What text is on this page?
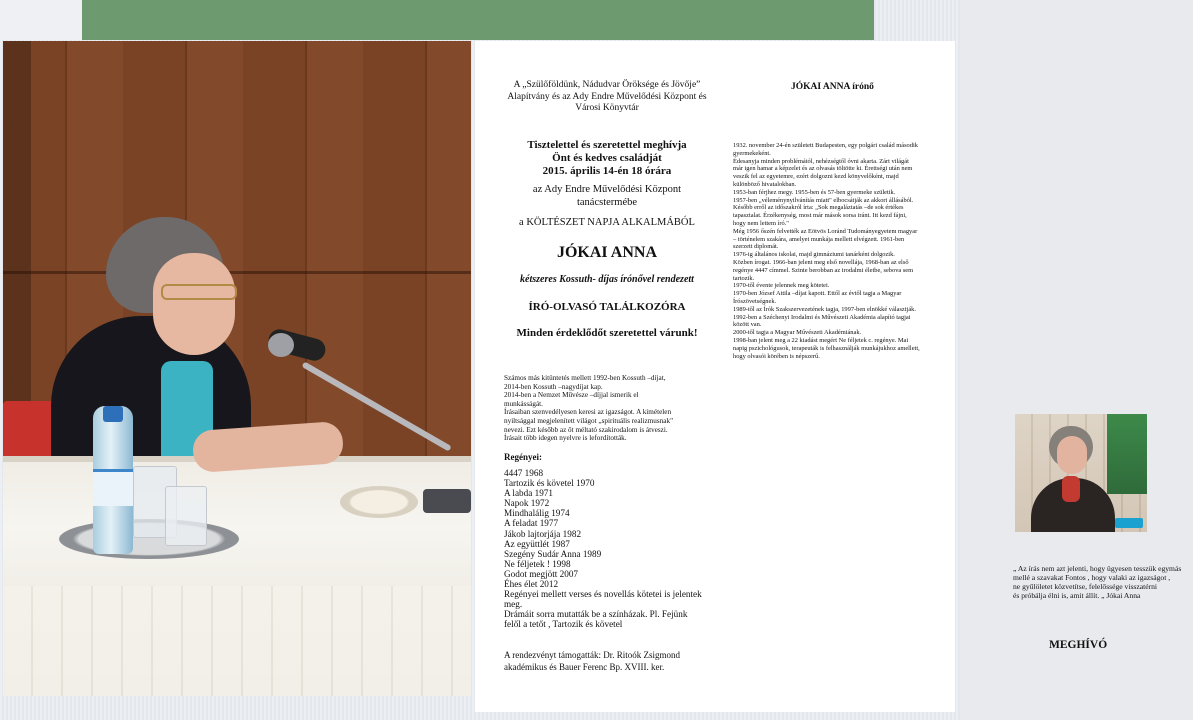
A „Szülőföldünk, Nádudvar Öröksége és Jövője”
Alapítvány és az Ady Endre Művelődési Központ és
Városi Könyvtár
Tisztelettel és szeretettel meghívja
Önt és kedves családját
2015. április 14-én 18 órára
az Ady Endre Művelődési Központ
tanácstermébe
a KÖLTÉSZET NAPJA ALKALMÁBÓL
JÓKAI ANNA
kétszeres Kossuth- díjas írónővel rendezett
ÍRÓ-OLVASÓ TALÁLKOZÓRA
Minden érdeklődőt szeretettel várunk!

Számos más kitüntetés mellett 1992-ben Kossuth –díjat,

2014-ben Kossuth –nagydíjat kap.

2014-ben a Nemzet Művésze –díjjal ismerik el

munkásságát.

Írásaiban szenvedélyesen keresi az igazságot. A kimételen

nyiltsággal megjelenített világot „spirituális realizmusnak"

nevezi. Ezt később az őt méltató szakirodalom is átveszi.

Írásait több idegen nyelvre is lefordították.

Regényei:

4447 1968

Tartozik és követel 1970

A labda 1971

Napok 1972

Mindhalálig 1974

A feladat 1977

Jákob lajtorjája 1982

Az együttlét 1987

Szegény Sudár Anna 1989

Ne féljetek ! 1998

Godot megjött 2007

Éhes élet 2012

Regényei mellett verses és novellás kötetei is jelentek

meg.

Drámáit sorra mutatták be a színházak. Pl. Fejünk

felől a tetőt , Tartozik és követel

A rendezvényt támogatták: Dr. Ritoók Zsigmond
akadémikus és Bauer Ferenc Bp. XVIII. ker.
JÓKAI ANNA írónő

1932. november 24-én született Budapesten, egy polgári család második

gyermekeként.

Édesanyja minden problémától, nehézségtől óvni akarta. Zárt világát

már igen hamar a képzelet és az olvasás töltötte ki. Érettségi után nem

veszik fel az egyetemre, ezért dolgozni kezd könyvelőként, majd

különböző hivatalokban.

1953-ban férjhez megy. 1955-ben és 57-ben gyermeke születik.

1957-ben „véleménynyilvánítás miatt" elbocsátják az akkori állásából.

Később erről az időszakról írta: „Sok megaláztatás –de sok értékes

tapasztalat. Érzékenység, most már mások sorsa iránt. Itt kezd fájni,

hogy nem lettem író."

Még 1956 őszén felvették az Eötvös Loránd Tudományegyetem magyar

– történelem szakára, amelyet munkája mellett elvégzett. 1961-ben

szerzett diplomát.

1976-ig általános iskolai, majd gimnáziumi tanárként dolgozik.

Közben írogat. 1966-ban jelent meg első novellája, 1968-ban az első

regénye 4447 címmel. Szinte berobban az irodalmi életbe, sebova sem

tartozik.

1970-től évente jelennek meg kötetei.

1970-ben József Attila –díjat kapott. Ettől az évtől tagja a Magyar

Írószövetségnek.

1989-től az Írók Szakszervezetének tagja, 1997-ben elnökké választják.

1992-ben a Széchenyi Irodalmi és Művészeti Akadémia alapító tagjai

között van.

2000-től tagja a Magyar Művészeti Akadémiának.

1998-ban jelent meg a 22 kiadást megért Ne féljetek c. regénye. Mai

napig pszichológusok, terapeuták is felhasználják munkájukhoz amellett,

hogy olvasói körében is népszerű.

„ Az írás nem azt jelenti, hogy ügyesen tesszük egymás

mellé a szavakat Fontos , hogy valaki az igazságot ,

ne gyűlöletet közvetítse, felelőssége visszatérni

és próbálja élni is, amit állít. „ Jókai Anna

MEGHÍVÓ
